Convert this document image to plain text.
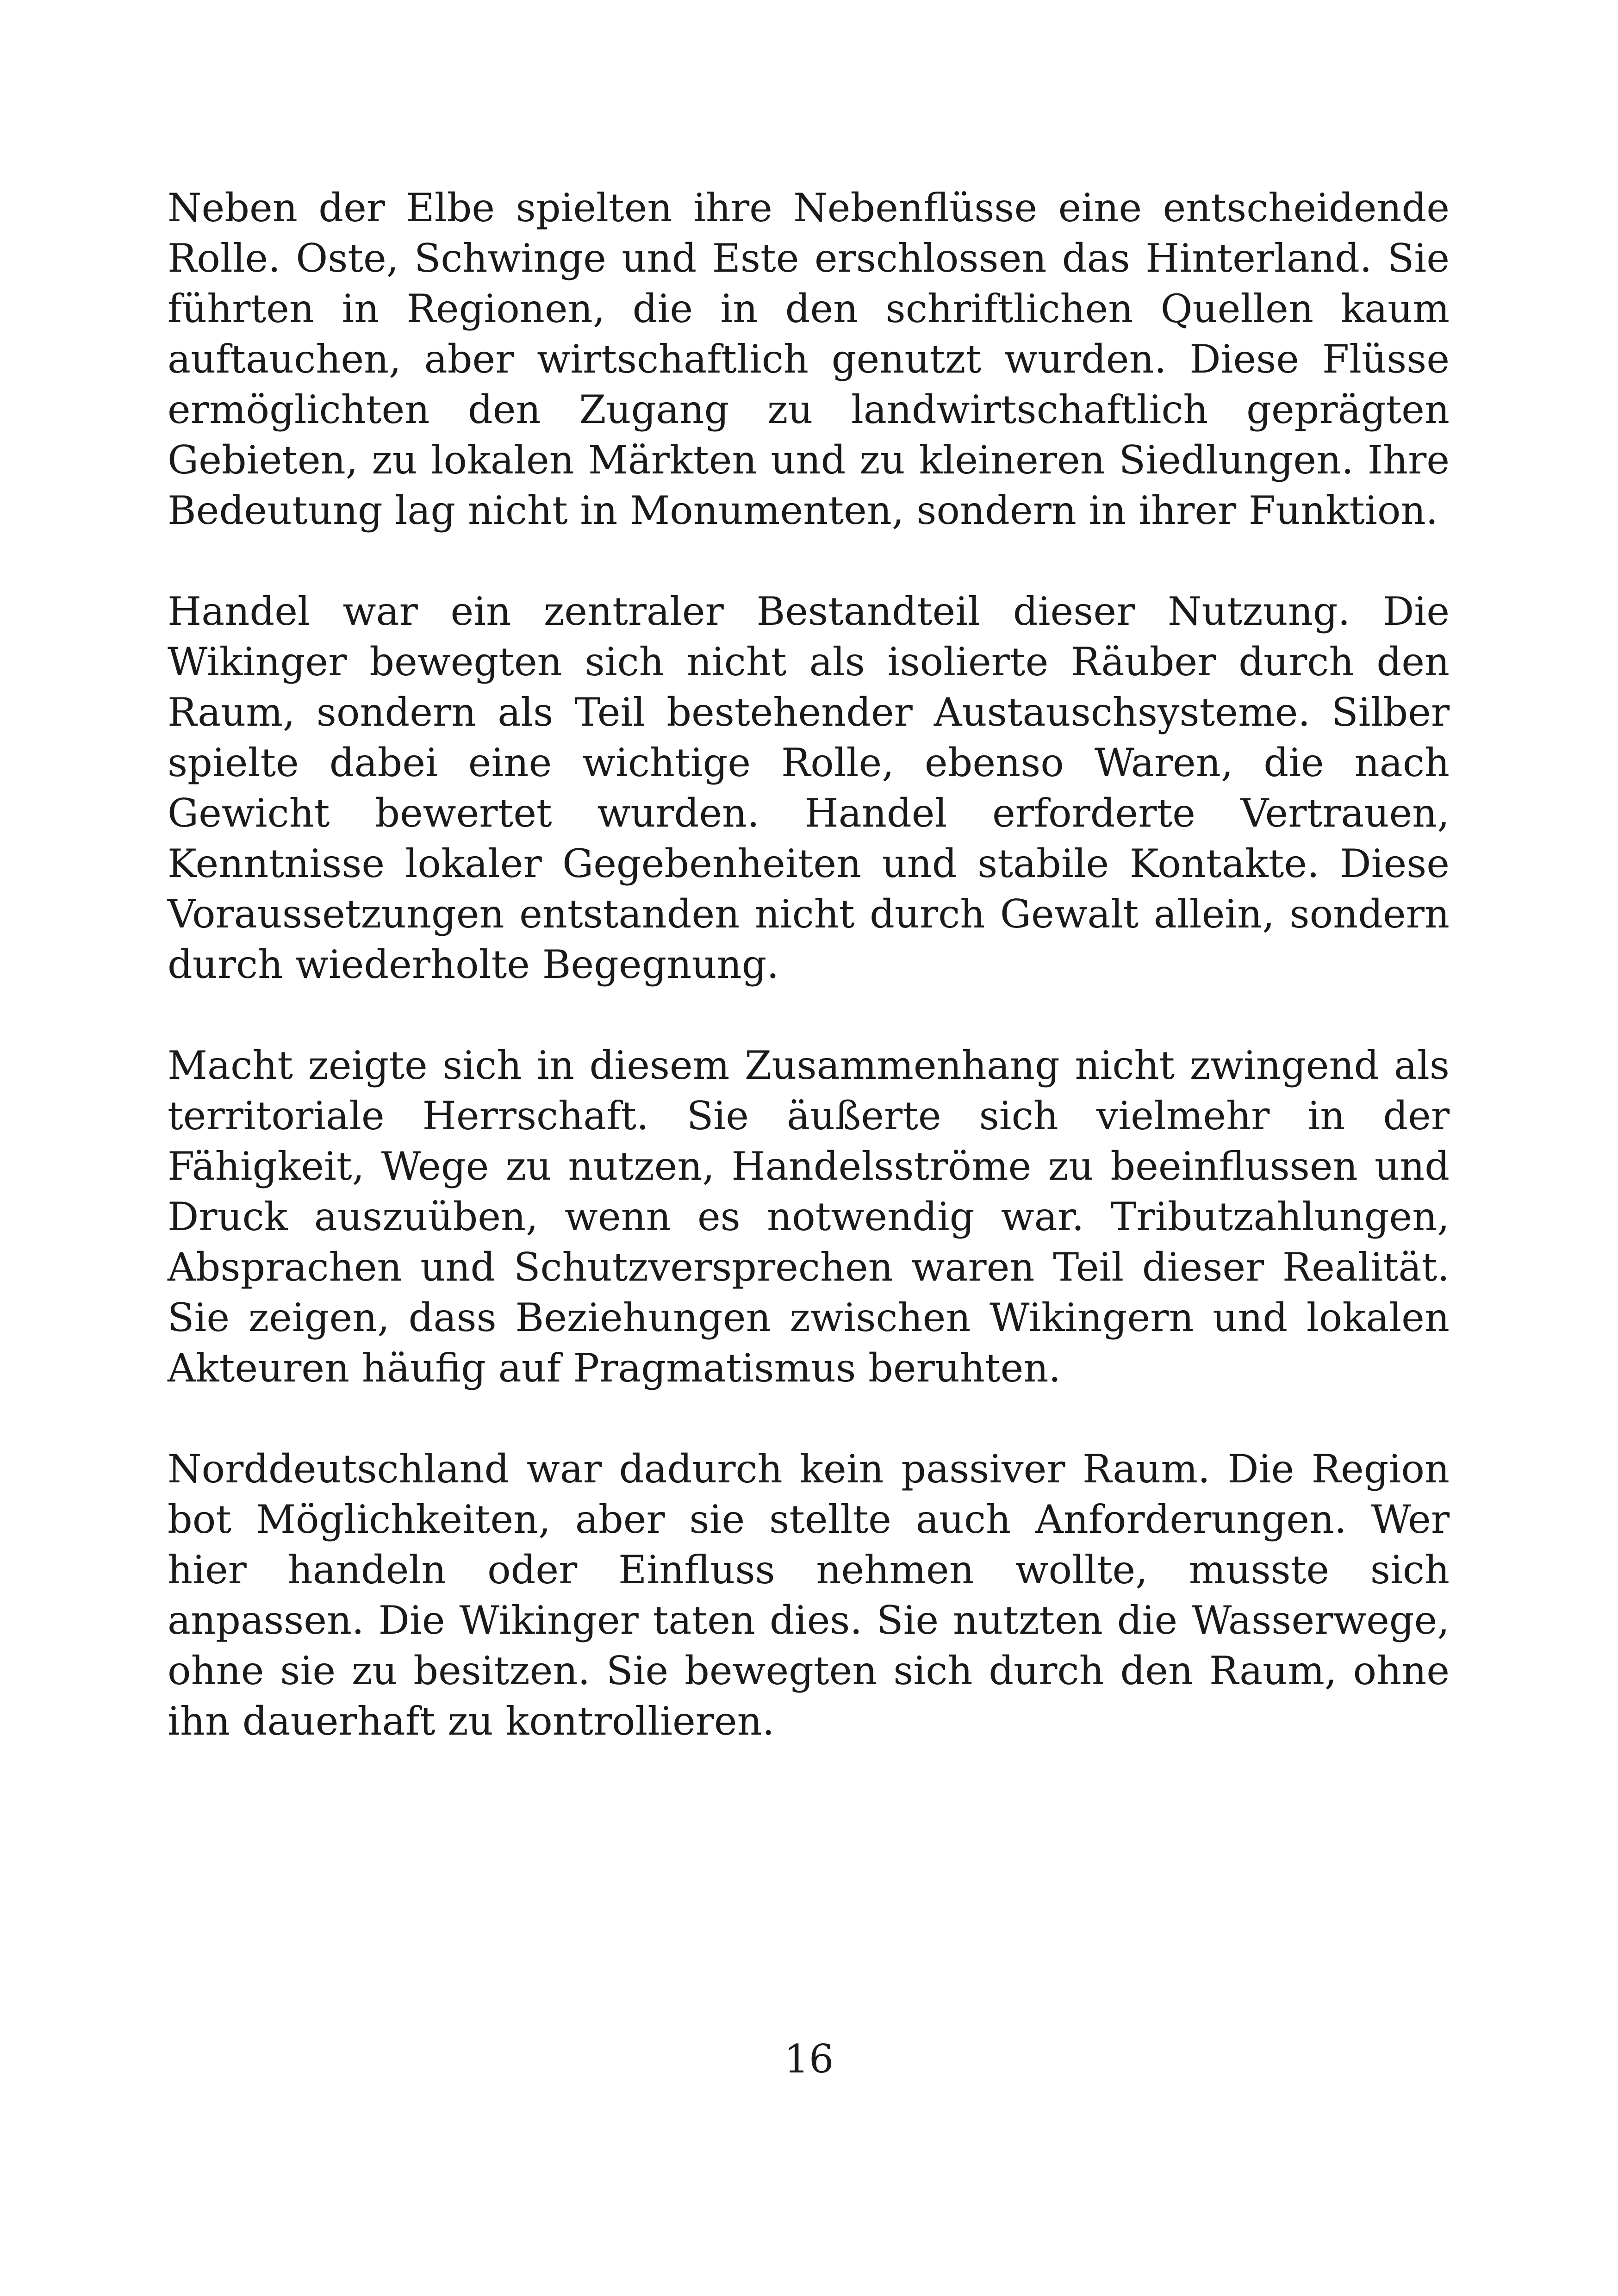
Neben der Elbe spielten ihre Nebenflüsse eine entscheidende Rolle. Oste, Schwinge und Este erschlossen das Hinterland. Sie führten in Regionen, die in den schriftlichen Quellen kaum auftauchen, aber wirtschaftlich genutzt wurden. Diese Flüsse ermöglichten den Zugang zu landwirtschaftlich geprägten Gebieten, zu lokalen Märkten und zu kleineren Siedlungen. Ihre Bedeutung lag nicht in Monumenten, sondern in ihrer Funktion.

Handel war ein zentraler Bestandteil dieser Nutzung. Die Wikinger bewegten sich nicht als isolierte Räuber durch den Raum, sondern als Teil bestehender Austauschsysteme. Silber spielte dabei eine wichtige Rolle, ebenso Waren, die nach Gewicht bewertet wurden. Handel erforderte Vertrauen, Kenntnisse lokaler Gegebenheiten und stabile Kontakte. Diese Voraussetzungen entstanden nicht durch Gewalt allein, sondern durch wiederholte Begegnung.

Macht zeigte sich in diesem Zusammenhang nicht zwingend als territoriale Herrschaft. Sie äußerte sich vielmehr in der Fähigkeit, Wege zu nutzen, Handelsströme zu beeinflussen und Druck auszuüben, wenn es notwendig war. Tributzahlungen, Absprachen und Schutzversprechen waren Teil dieser Realität. Sie zeigen, dass Beziehungen zwischen Wikingern und lokalen Akteuren häufig auf Pragmatismus beruhten.

Norddeutschland war dadurch kein passiver Raum. Die Region bot Möglichkeiten, aber sie stellte auch Anforderungen. Wer hier handeln oder Einfluss nehmen wollte, musste sich anpassen. Die Wikinger taten dies. Sie nutzten die Wasserwege, ohne sie zu besitzen. Sie bewegten sich durch den Raum, ohne ihn dauerhaft zu kontrollieren.

16
